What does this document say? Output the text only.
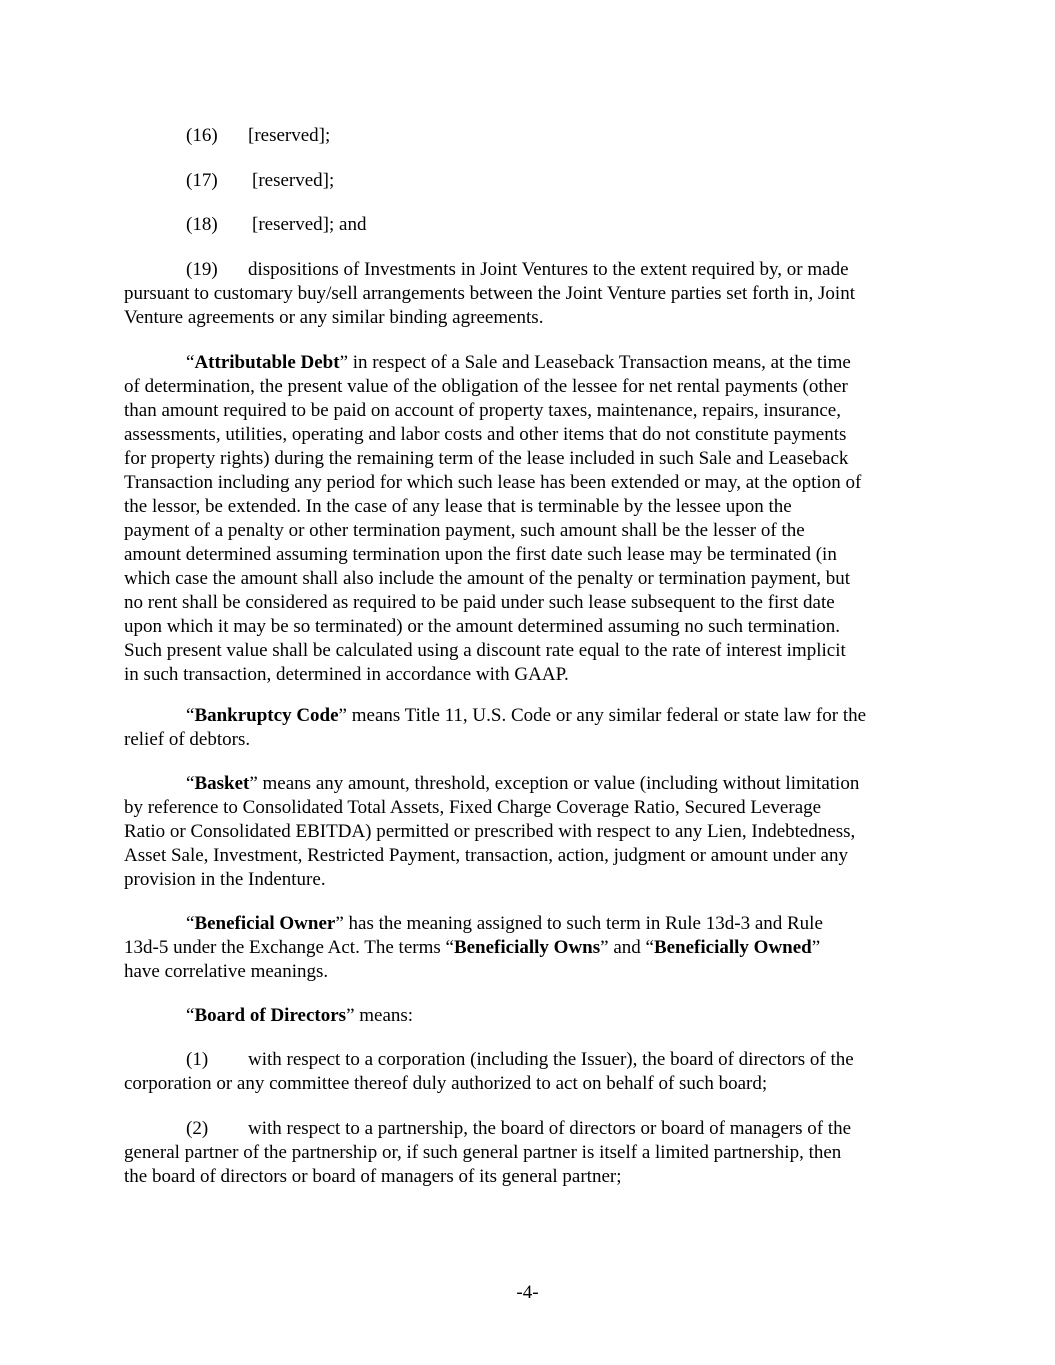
(16) [reserved];
(17) [reserved];
(18) [reserved]; and
(19) dispositions of Investments in Joint Ventures to the extent required by, or made
pursuant to customary buy/sell arrangements between the Joint Venture parties set forth in, Joint
Venture agreements or any similar binding agreements.
“Attributable Debt” in respect of a Sale and Leaseback Transaction means, at the time
of determination, the present value of the obligation of the lessee for net rental payments (other
than amount required to be paid on account of property taxes, maintenance, repairs, insurance,
assessments, utilities, operating and labor costs and other items that do not constitute payments
for property rights) during the remaining term of the lease included in such Sale and Leaseback
Transaction including any period for which such lease has been extended or may, at the option of
the lessor, be extended. In the case of any lease that is terminable by the lessee upon the
payment of a penalty or other termination payment, such amount shall be the lesser of the
amount determined assuming termination upon the first date such lease may be terminated (in
which case the amount shall also include the amount of the penalty or termination payment, but
no rent shall be considered as required to be paid under such lease subsequent to the first date
upon which it may be so terminated) or the amount determined assuming no such termination.
Such present value shall be calculated using a discount rate equal to the rate of interest implicit
in such transaction, determined in accordance with GAAP.
“Bankruptcy Code” means Title 11, U.S. Code or any similar federal or state law for the
relief of debtors.
“Basket” means any amount, threshold, exception or value (including without limitation
by reference to Consolidated Total Assets, Fixed Charge Coverage Ratio, Secured Leverage
Ratio or Consolidated EBITDA) permitted or prescribed with respect to any Lien, Indebtedness,
Asset Sale, Investment, Restricted Payment, transaction, action, judgment or amount under any
provision in the Indenture.
“Beneficial Owner” has the meaning assigned to such term in Rule 13d-3 and Rule
13d-5 under the Exchange Act. The terms “Beneficially Owns” and “Beneficially Owned”
have correlative meanings.
“Board of Directors” means:
(1) with respect to a corporation (including the Issuer), the board of directors of the
corporation or any committee thereof duly authorized to act on behalf of such board;
(2) with respect to a partnership, the board of directors or board of managers of the
general partner of the partnership or, if such general partner is itself a limited partnership, then
the board of directors or board of managers of its general partner;
-4-
